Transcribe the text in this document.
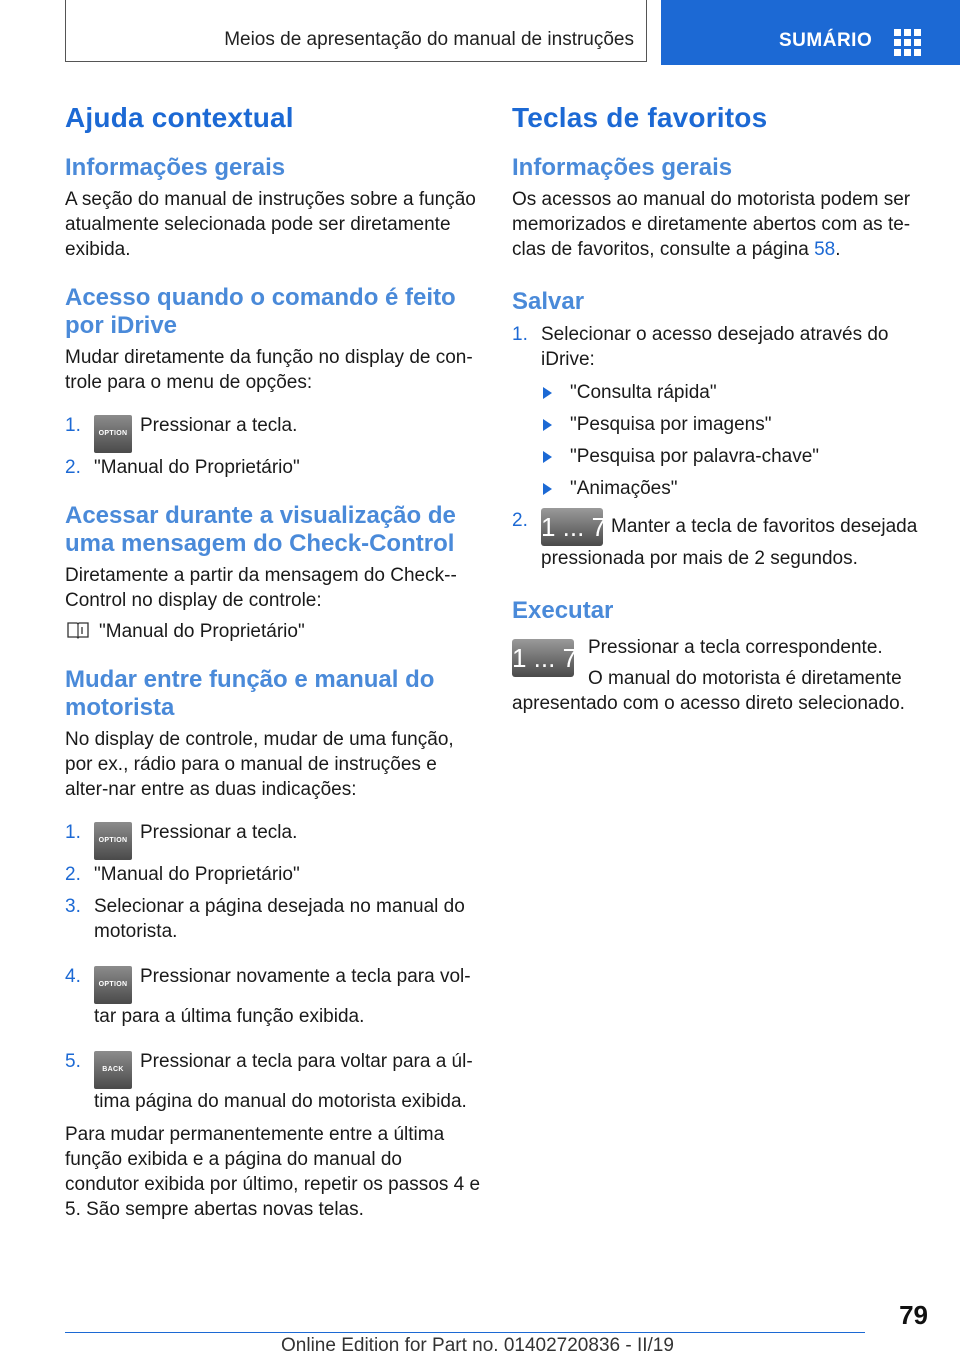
Meios de apresentação do manual de instruções	SUMÁRIO
Ajuda contextual
Informações gerais

A seção do manual de instruções sobre a função atualmente selecionada pode ser diretamente exibida.

Acesso quando o comando é feito por iDrive

Mudar diretamente da função no display de con-trole para o menu de opções:

1.	OPTION Pressionar a tecla.
2. "Manual do Proprietário"
Acessar durante a visualização de uma mensagem do Check-Control

Diretamente a partir da mensagem do Check--Control no display de controle:

"Manual do Proprietário"

Mudar entre função e manual do motorista

No display de controle, mudar de uma função, por ex., rádio para o manual de instruções e alter-nar entre as duas indicações:

1.	OPTION Pressionar a tecla.
2. "Manual do Proprietário"
3. Selecionar a página desejada no manual do motorista.
4.	OPTION Pressionar novamente a tecla para vol-tar para a última função exibida.
5.	BACK Pressionar a tecla para voltar para a úl-tima página do manual do motorista exibida.

Para mudar permanentemente entre a última função exibida e a página do manual do condutor exibida por último, repetir os passos 4 e 5. São sempre abertas novas telas.

Teclas de favoritos
Informações gerais

Os acessos ao manual do motorista podem ser memorizados e diretamente abertos com as te-clas de favoritos, consulte a página 58.

Salvar
1. Selecionar o acesso desejado através do iDrive:
"Consulta rápida"
"Pesquisa por imagens"
"Pesquisa por palavra-chave"
"Animações"
2. 1 ... 7 Manter a tecla de favoritos desejada pressionada por mais de 2 segundos.
Executar
1 ... 7 Pressionar a tecla correspondente.

O manual do motorista é diretamente apresentado com o acesso direto selecionado.

79
Online Edition for Part no. 01402720836 - II/19
